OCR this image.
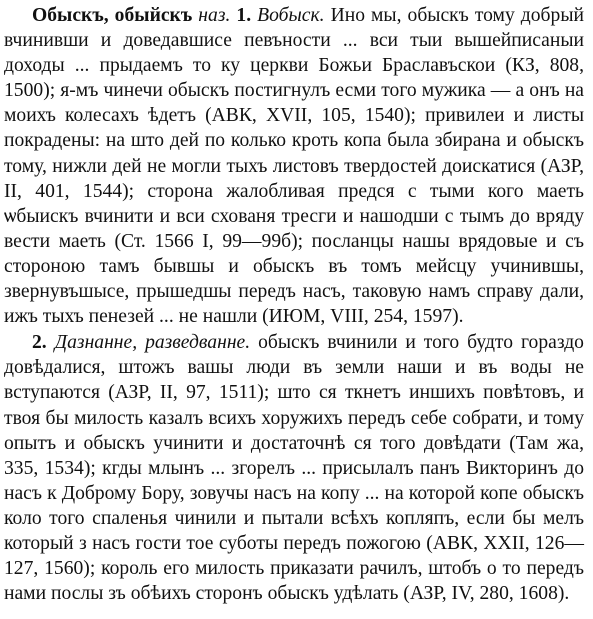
Обыскъ, обыйскъ наз. 1. Вобыск. Ино мы, обыскъ тому добрый вчинивши и доведавшисе певъности ... вси тыи вышейписаныи доходы ... прыдаемъ то ку церкви Божьи Браславъскои (КЗ, 808, 1500); я-мъ чинечи обыскъ постигнулъ есми того мужика — а онъ на моихъ колесахъ ѣдетъ (АВК, XVII, 105, 1540); привилеи и листы покрадены: на што дей по колько кроть копа была збирана и обыскъ тому, нижли дей не могли тыхъ листовъ твердостей доискатися (АЗР, II, 401, 1544); сторона жалобливая предся с тыми кого маеть ѡбыискъ вчинити и вси схованя тресги и нашодши с тымъ до вряду вести маеть (Ст. 1566 I, 99—99б); посланцы нашы врядовые и съ стороною тамъ бывшы и обыскъ въ томъ мейсцу учинившы, звернувъшысе, прышедшы передъ насъ, таковую намъ справу дали, ижъ тыхъ пенезей ... не нашли (ИЮМ, VIII, 254, 1597).

2. Дазнанне, разведванне. обыскъ вчинили и того будто гораздо довѣдалися, штожъ вашы люди въ земли наши и въ воды не вступаются (АЗР, II, 97, 1511); што ся ткнетъ иншихъ повѣтовъ, и твоя бы милость казалъ всихъ хоружихъ передъ себе собрати, и тому опытъ и обыскъ учинити и достаточнѣ ся того довѣдати (Там жа, 335, 1534); кгды млынъ ... згорелъ ... присылалъ панъ Викторинъ до насъ к Доброму Бору, зовучы насъ на копу ... на которой копе обыскъ коло того спаленья чинили и пытали всѣхъ копляпъ, если бы мелъ который з насъ гости тое суботы передъ пожогою (АВК, XXII, 126—127, 1560); король его милость приказати рачилъ, штобъ о то передъ нами послы зъ обѣихъ сторонъ обыскъ удѣлать (АЗР, IV, 280, 1608).
